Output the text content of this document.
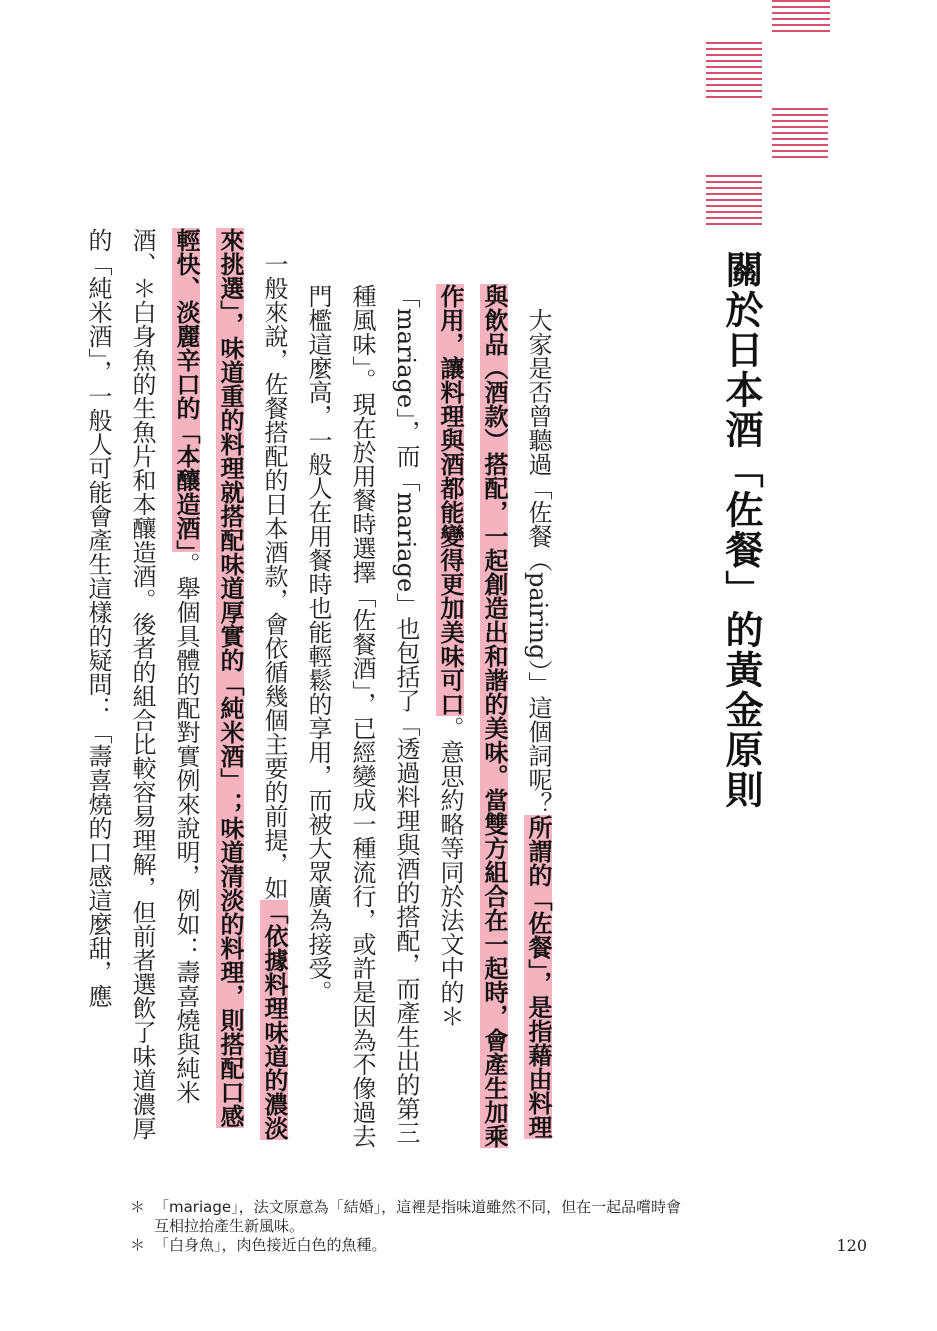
關於日本酒「佐餐」的黃金原則

大家是否曾聽過「佐餐（pairing）」這個詞呢？所謂的「佐餐」，是指藉由料理與飲品（酒款）搭配，一起創造出和諧的美味。當雙方組合在一起時，會產生加乘作用，讓料理與酒都能變得更加美味可口。意思約略等同於法文中的＊「mariage」，而「mariage」也包括了「透過料理與酒的搭配，而產生出的第三種風味」。現在於用餐時選擇「佐餐酒」，已經變成一種流行，或許是因為不像過去門檻這麼高，一般人在用餐時也能輕鬆的享用，而被大眾廣為接受。

一般來說，佐餐搭配的日本酒款，會依循幾個主要的前提，如「依據料理味道的濃淡來挑選」，味道重的料理就搭配味道厚實的「純米酒」；味道清淡的料理，則搭配口感輕快、淡麗辛口的「本釀造酒」。舉個具體的配對實例來說明，例如：壽喜燒與純米酒、＊白身魚的生魚片和本釀造酒。後者的組合比較容易理解，但前者選飲了味道濃厚的「純米酒」，一般人可能會產生這樣的疑問：「壽喜燒的口感這麼甜，應

＊ 「mariage」，法文原意為「結婚」，這裡是指味道雖然不同，但在一起品嚐時會互相拉抬產生新風味。
＊ 「白身魚」，肉色接近白色的魚種。	120
